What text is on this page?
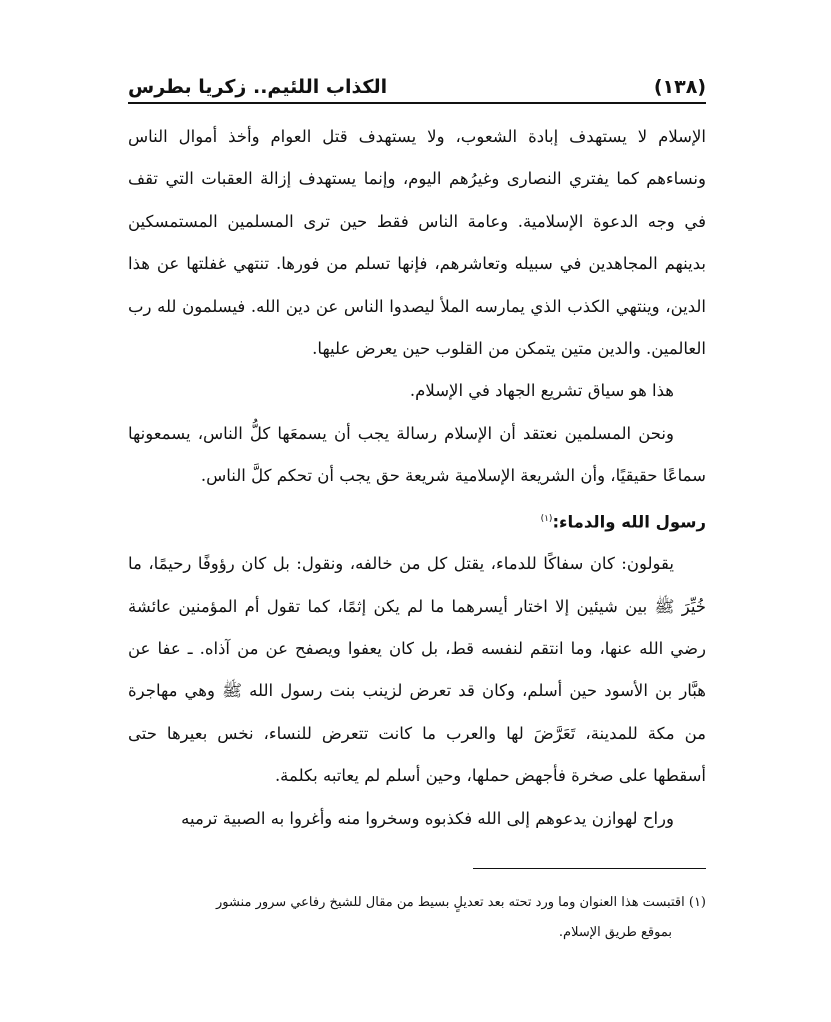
(١٣٨)
الكذاب اللئيم.. زكريا بطرس

الإسلام لا يستهدف إبادة الشعوب، ولا يستهدف قتل العوام وأخذ أموال الناس ونساءهم كما يفتري النصارى وغيرُهم اليوم، وإنما يستهدف إزالة العقبات التي تقف في وجه الدعوة الإسلامية. وعامة الناس فقط حين ترى المسلمين المستمسكين بدينهم المجاهدين في سبيله وتعاشرهم، فإنها تسلم من فورها. تنتهي غفلتها عن هذا الدين، وينتهي الكذب الذي يمارسه الملأ ليصدوا الناس عن دين الله. فيسلمون لله رب العالمين. والدين متين يتمكن من القلوب حين يعرض عليها.

هذا هو سياق تشريع الجهاد في الإسلام.

ونحن المسلمين نعتقد أن الإسلام رسالة يجب أن يسمعَها كلُّ الناس، يسمعونها سماعًا حقيقيًا، وأن الشريعة الإسلامية شريعة حق يجب أن تحكم كلَّ الناس.

رسول الله والدماء:$^{(١)}$

يقولون: كان سفاكًا للدماء، يقتل كل من خالفه، ونقول: بل كان رؤوفًا رحيمًا، ما خُيِّرَ ﷺ بين شيئين إلا اختار أيسرهما ما لم يكن إثمًا، كما تقول أم المؤمنين عائشة رضي الله عنها، وما انتقم لنفسه قط، بل كان يعفوا ويصفح عن من آذاه. ـ عفا عن هبَّار بن الأسود حين أسلم، وكان قد تعرض لزينب بنت رسول الله ﷺ وهي مهاجرة من مكة للمدينة، تَعَرَّضَ لها والعرب ما كانت تتعرض للنساء، نخس بعيرها حتى أسقطها على صخرة فأجهض حملها، وحين أسلم لم يعاتبه بكلمة.

وراح لهوازن يدعوهم إلى الله فكذبوه وسخروا منه وأغروا به الصبية ترميه

(١) اقتبست هذا العنوان وما ورد تحته بعد تعديلٍ بسيط من مقال للشيخ رفاعي سرور منشور

بموقع طريق الإسلام.
